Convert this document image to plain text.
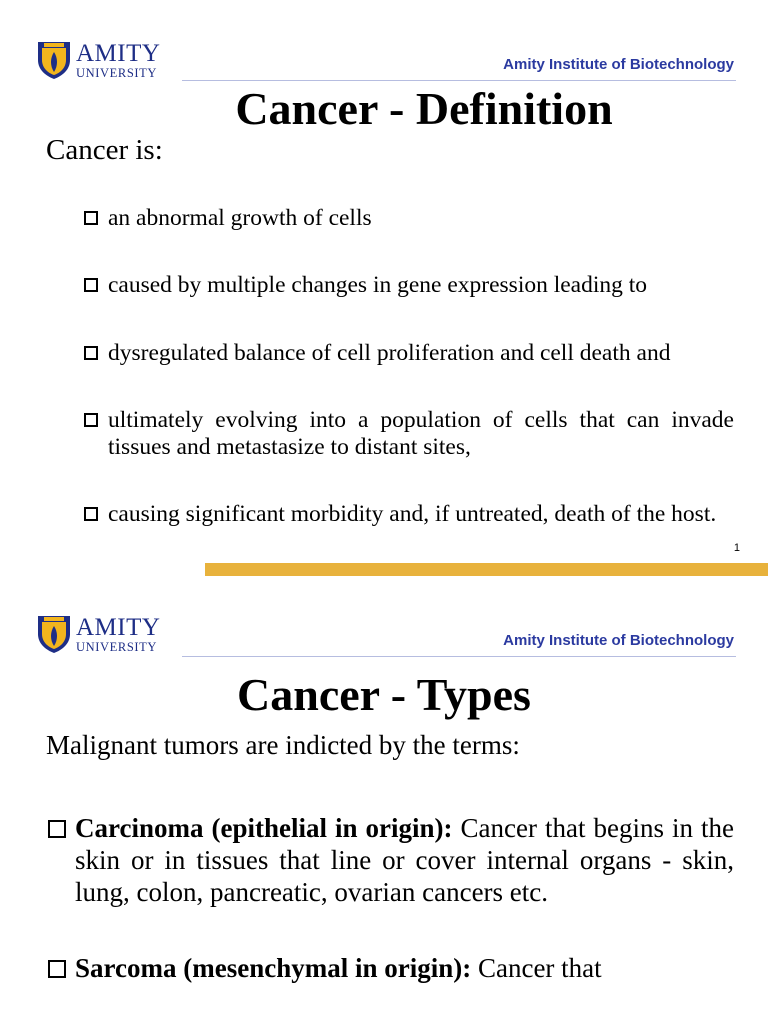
AMITY
UNIVERSITY	Amity Institute of Biotechnology
Cancer - Definition
Cancer is:
an abnormal growth of cells
caused by multiple changes in gene expression leading to
dysregulated balance of cell proliferation and cell death and
ultimately evolving into a population of cells that can invade tissues and metastasize to distant sites,
causing significant morbidity and, if untreated, death of the host.
1
AMITY
UNIVERSITY	Amity Institute of Biotechnology
Cancer - Types
Malignant tumors are indicted by the terms:
Carcinoma (epithelial in origin): Cancer that begins in the skin or in tissues that line or cover internal organs - skin, lung, colon, pancreatic, ovarian cancers etc.
Sarcoma (mesenchymal in origin): Cancer that
